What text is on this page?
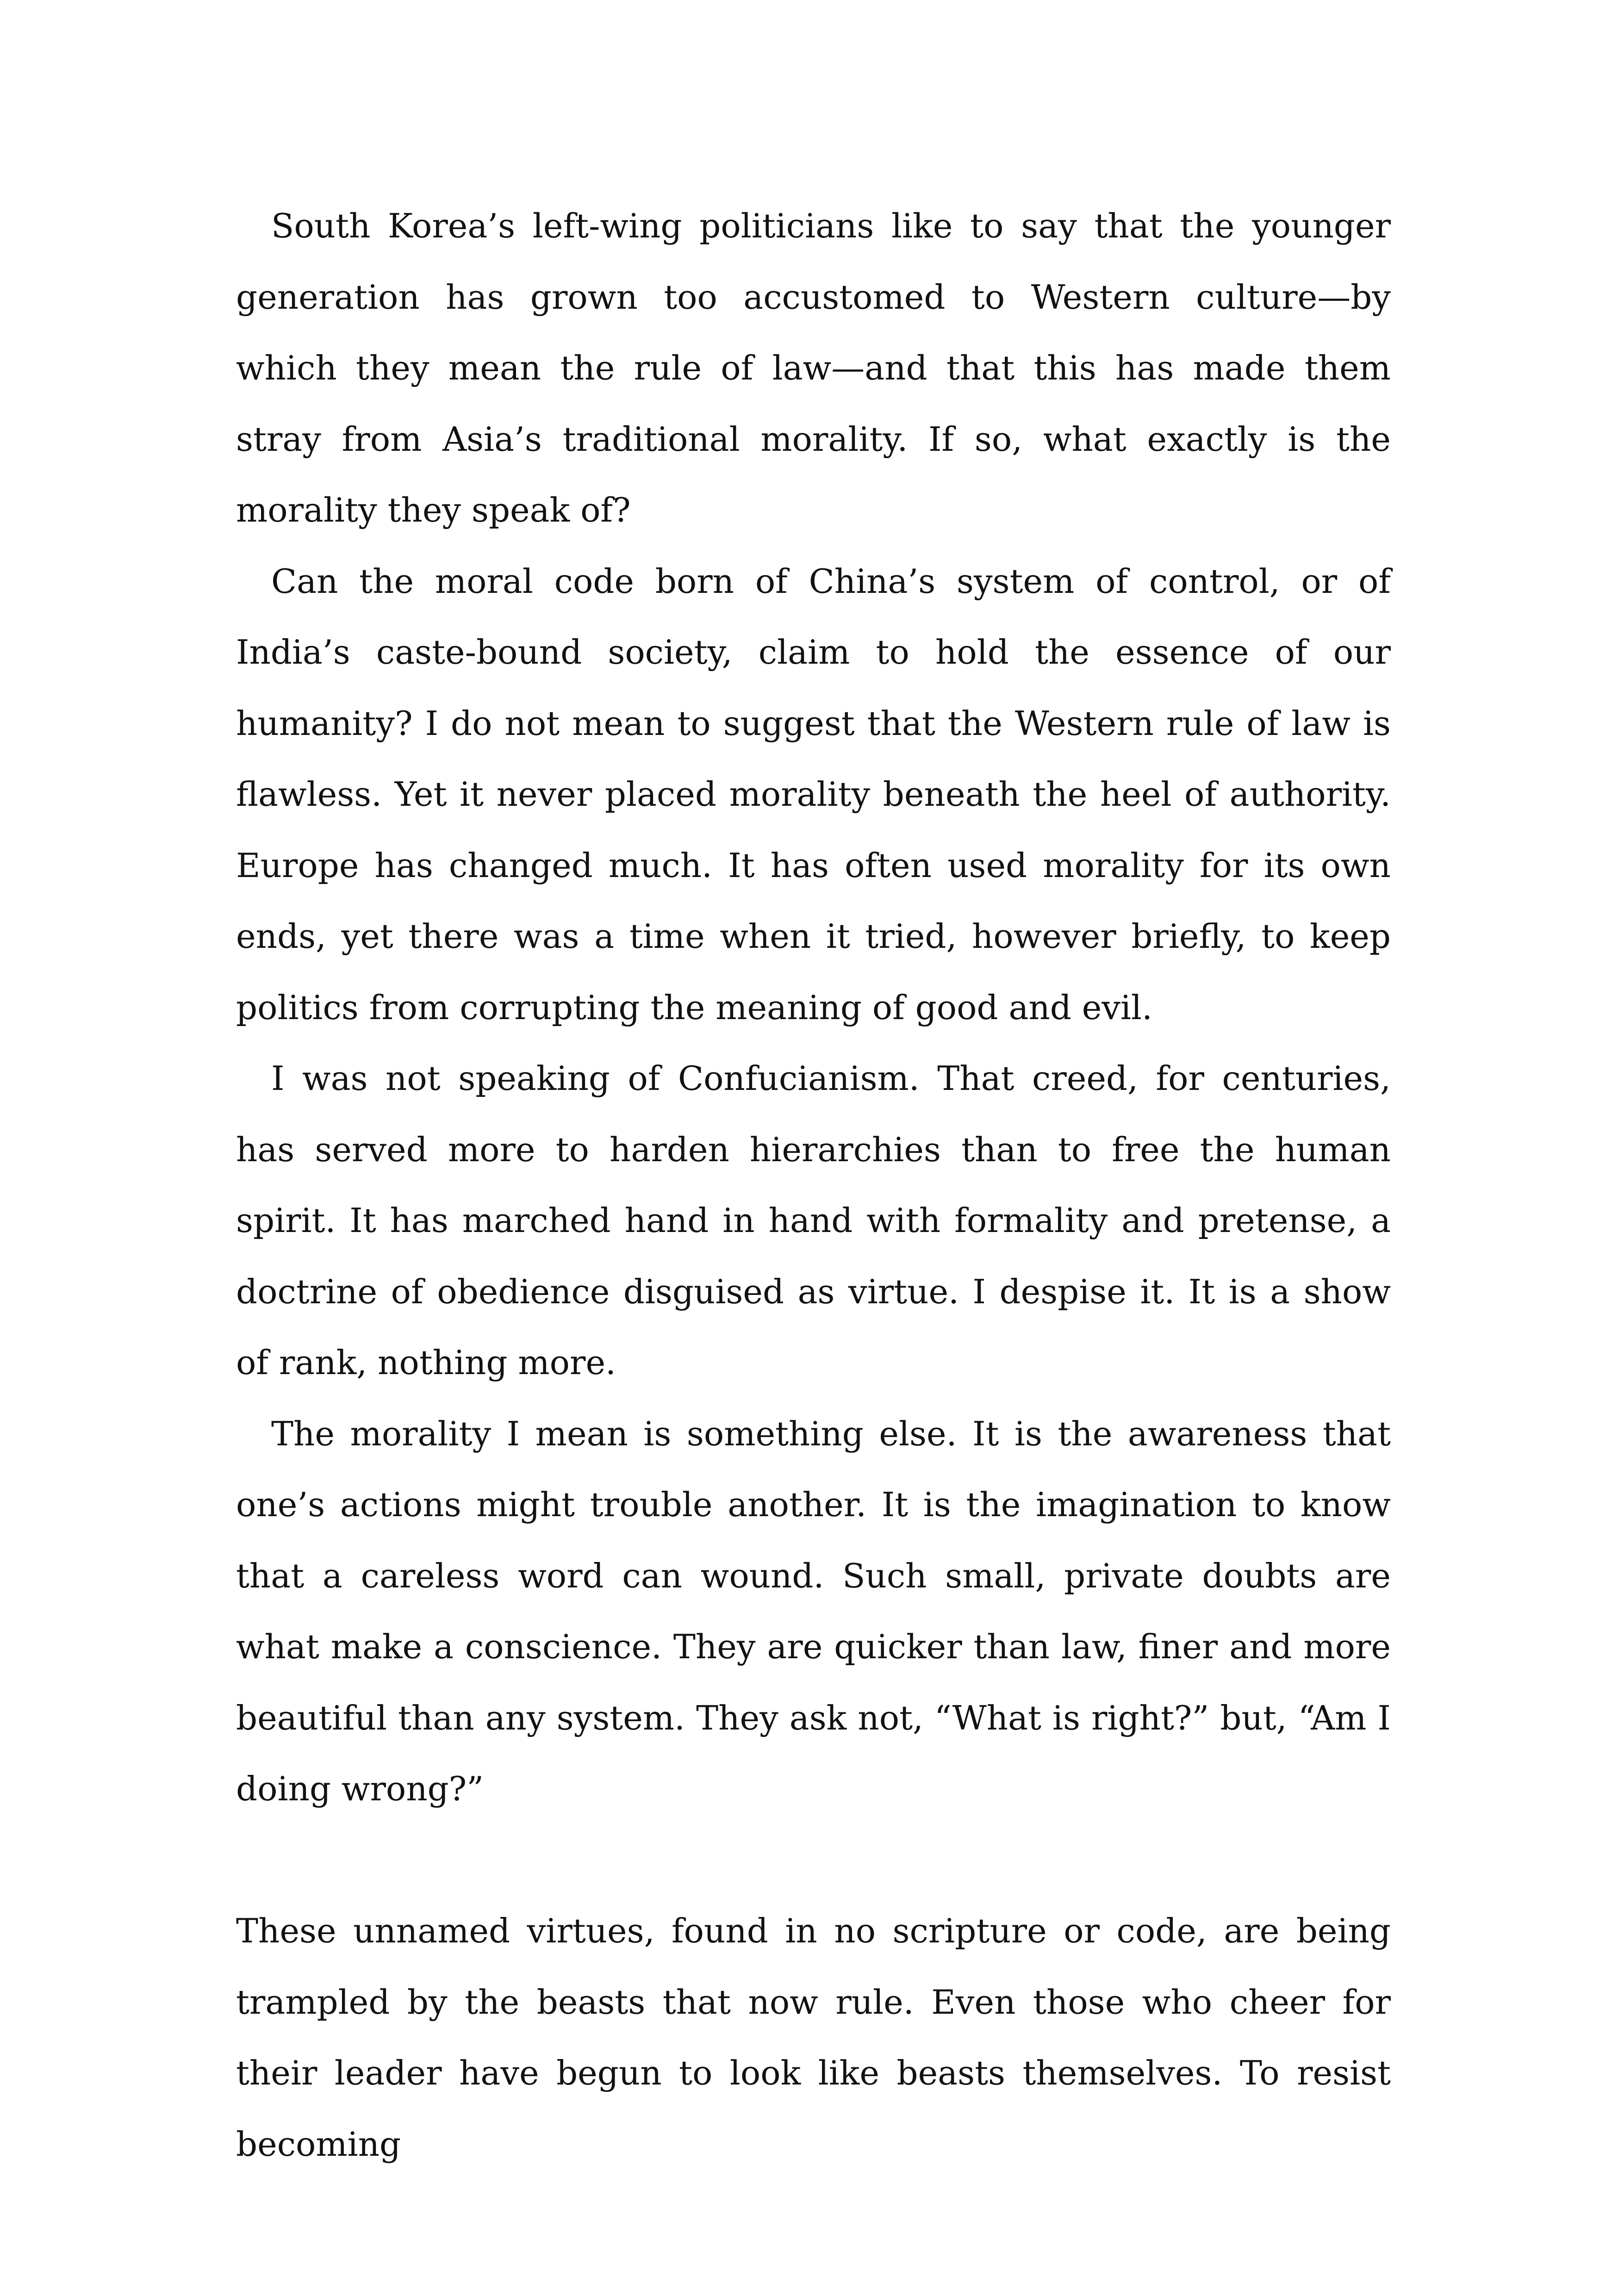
South Korea’s left-wing politicians like to say that the younger generation has grown too accustomed to Western culture—by which they mean the rule of law—and that this has made them stray from Asia’s traditional morality. If so, what exactly is the morality they speak of?

Can the moral code born of China’s system of control, or of India’s caste-bound society, claim to hold the essence of our humanity? I do not mean to suggest that the Western rule of law is flawless. Yet it never placed morality beneath the heel of authority. Europe has changed much. It has often used morality for its own ends, yet there was a time when it tried, however briefly, to keep politics from corrupting the meaning of good and evil.

I was not speaking of Confucianism. That creed, for centuries, has served more to harden hierarchies than to free the human spirit. It has marched hand in hand with formality and pretense, a doctrine of obedience disguised as virtue. I despise it. It is a show of rank, nothing more.

The morality I mean is something else. It is the awareness that one’s actions might trouble another. It is the imagination to know that a careless word can wound. Such small, private doubts are what make a conscience. They are quicker than law, finer and more beautiful than any system. They ask not, “What is right?” but, “Am I doing wrong?”

These unnamed virtues, found in no scripture or code, are being trampled by the beasts that now rule. Even those who cheer for their leader have begun to look like beasts themselves. To resist becoming
